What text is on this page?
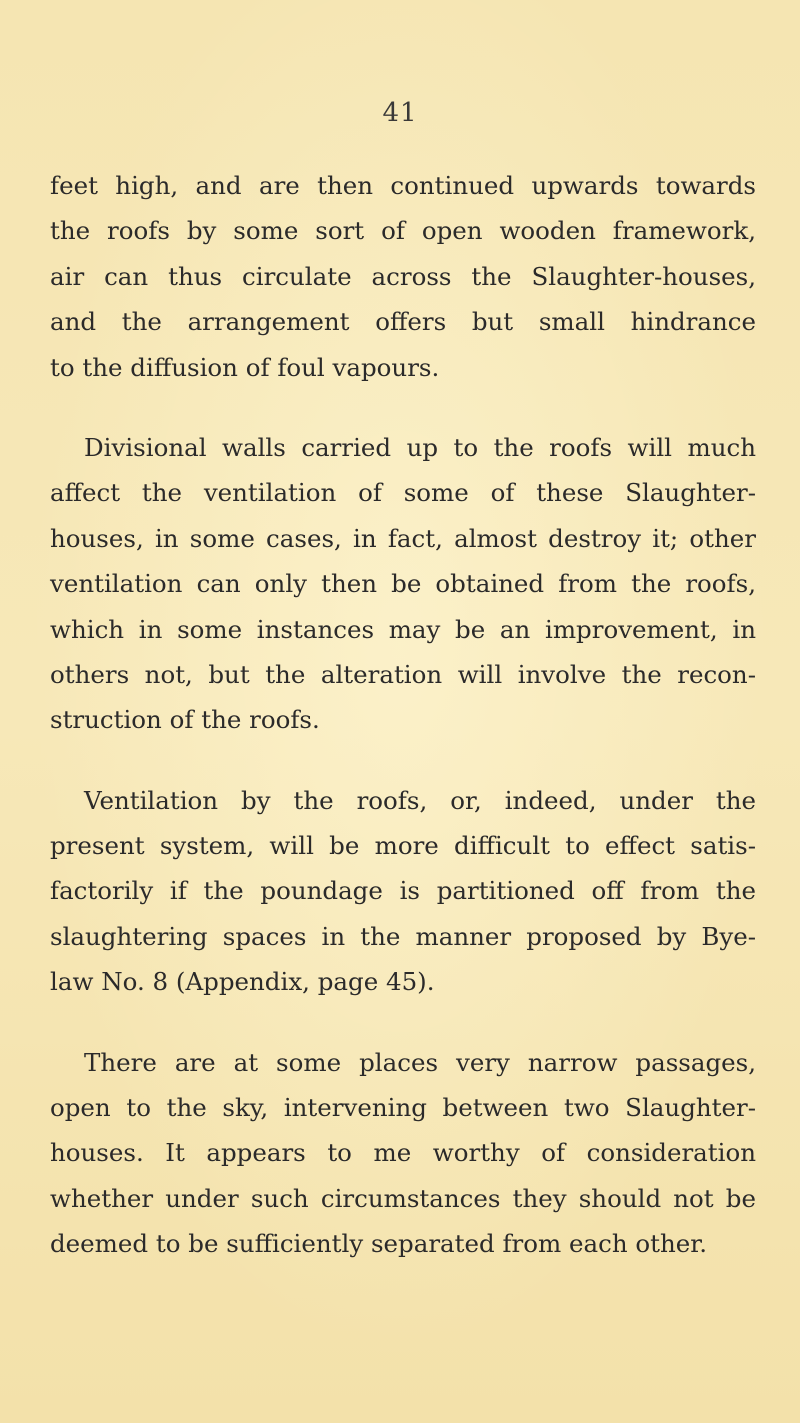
41
feet high, and are then continued upwards towards
the roofs by some sort of open wooden framework,
air can thus circulate across the Slaughter-houses,
and the arrangement offers but small hindrance
to the diffusion of foul vapours.
Divisional walls carried up to the roofs will much
affect the ventilation of some of these Slaughter-
houses, in some cases, in fact, almost destroy it; other
ventilation can only then be obtained from the roofs,
which in some instances may be an improvement, in
others not, but the alteration will involve the recon-
struction of the roofs.
Ventilation by the roofs, or, indeed, under the
present system, will be more difficult to effect satis-
factorily if the poundage is partitioned off from the
slaughtering spaces in the manner proposed by Bye-
law No. 8 (Appendix, page 45).
There are at some places very narrow passages,
open to the sky, intervening between two Slaughter-
houses. It appears to me worthy of consideration
whether under such circumstances they should not be
deemed to be sufficiently separated from each other.
